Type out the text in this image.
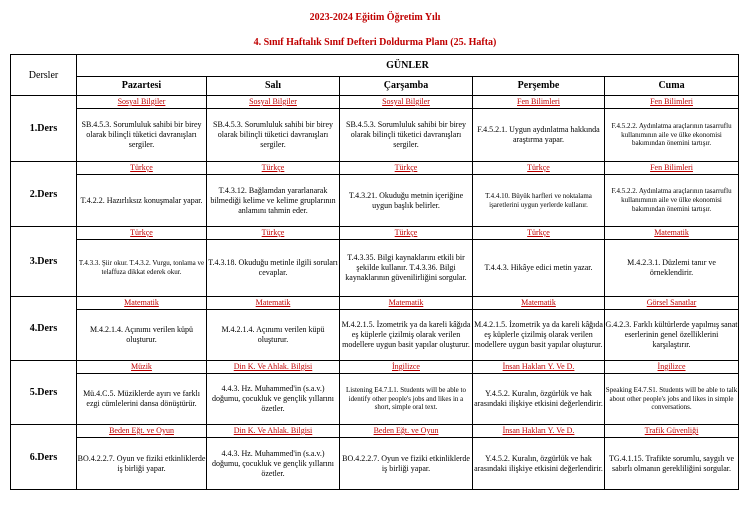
2023-2024 Eğitim Öğretim Yılı
4. Sınıf Haftalık Sınıf Defteri Doldurma Planı (25. Hafta)
Dersler	GÜNLER				
	Pazartesi	Salı	Çarşamba	Perşembe	Cuma
1.Ders	Sosyal Bilgiler	Sosyal Bilgiler	Sosyal Bilgiler	Fen Bilimleri	Fen Bilimleri
	SB.4.5.3. Sorumluluk sahibi bir birey olarak bilinçli tüketici davranışları sergiler.	SB.4.5.3. Sorumluluk sahibi bir birey olarak bilinçli tüketici davranışları sergiler.	SB.4.5.3. Sorumluluk sahibi bir birey olarak bilinçli tüketici davranışları sergiler.	F.4.5.2.1. Uygun aydınlatma hakkında araştırma yapar.	F.4.5.2.2. Aydınlatma araçlarının tasarruflu kullanımının aile ve ülke ekonomisi bakımından önemini tartışır.
2.Ders	Türkçe	Türkçe	Türkçe	Türkçe	Fen Bilimleri
	T.4.2.2. Hazırlıksız konuşmalar yapar.	T.4.3.12. Bağlamdan yararlanarak bilmediği kelime ve kelime gruplarının anlamını tahmin eder.	T.4.3.21. Okuduğu metnin içeriğine uygun başlık belirler.	T.4.4.10. Büyük harfleri ve noktalama işaretlerini uygun yerlerde kullanır.	F.4.5.2.2. Aydınlatma araçlarının tasarruflu kullanımının aile ve ülke ekonomisi bakımından önemini tartışır.
3.Ders	Türkçe	Türkçe	Türkçe	Türkçe	Matematik
	T.4.3.3. Şiir okur. T.4.3.2. Vurgu, tonlama ve telaffuza dikkat ederek okur.	T.4.3.18. Okuduğu metinle ilgili soruları cevaplar.	T.4.3.35. Bilgi kaynaklarını etkili bir şekilde kullanır. T.4.3.36. Bilgi kaynaklarının güvenilirliğini sorgular.	T.4.4.3. Hikâye edici metin yazar.	M.4.2.3.1. Düzlemi tanır ve örneklendirir.
4.Ders	Matematik	Matematik	Matematik	Matematik	Görsel Sanatlar
	M.4.2.1.4. Açınımı verilen küpü oluşturur.	M.4.2.1.4. Açınımı verilen küpü oluşturur.	M.4.2.1.5. İzometrik ya da kareli kâğıda eş küplerle çizilmiş olarak verilen modellere uygun basit yapılar oluşturur.	M.4.2.1.5. İzometrik ya da kareli kâğıda eş küplerle çizilmiş olarak verilen modellere uygun basit yapılar oluşturur.	G.4.2.3. Farklı kültürlerde yapılmış sanat eserlerinin genel özelliklerini karşılaştırır.
5.Ders	Müzik	Din K. Ve Ahlak. Bilgisi	İngilizce	İnsan Hakları Y. Ve D.	İngilizce
	Mü.4.C.5. Müziklerde ayırı ve farklı ezgi cümlelerini dansa dönüştürür.	4.4.3. Hz. Muhammed'in (s.a.v.) doğumu, çocukluk ve gençlik yıllarını özetler.	Listening E4.7.L1. Students will be able to identify other people's jobs and likes in a short, simple oral text.	Y.4.5.2. Kuralın, özgürlük ve hak arasındaki ilişkiye etkisini değerlendirir.	Speaking E4.7.S1. Students will be able to talk about other people's jobs and likes in simple conversations.
6.Ders	Beden Eğt. ve Oyun	Din K. Ve Ahlak. Bilgisi	Beden Eğt. ve Oyun	İnsan Hakları Y. Ve D.	Trafik Güvenliği
	BO.4.2.2.7. Oyun ve fiziki etkinliklerde iş birliği yapar.	4.4.3. Hz. Muhammed'in (s.a.v.) doğumu, çocukluk ve gençlik yıllarını özetler.	BO.4.2.2.7. Oyun ve fiziki etkinliklerde iş birliği yapar.	Y.4.5.2. Kuralın, özgürlük ve hak arasındaki ilişkiye etkisini değerlendirir.	TG.4.1.15. Trafikte sorumlu, saygılı ve sabırlı olmanın gerekliliğini sorgular.
